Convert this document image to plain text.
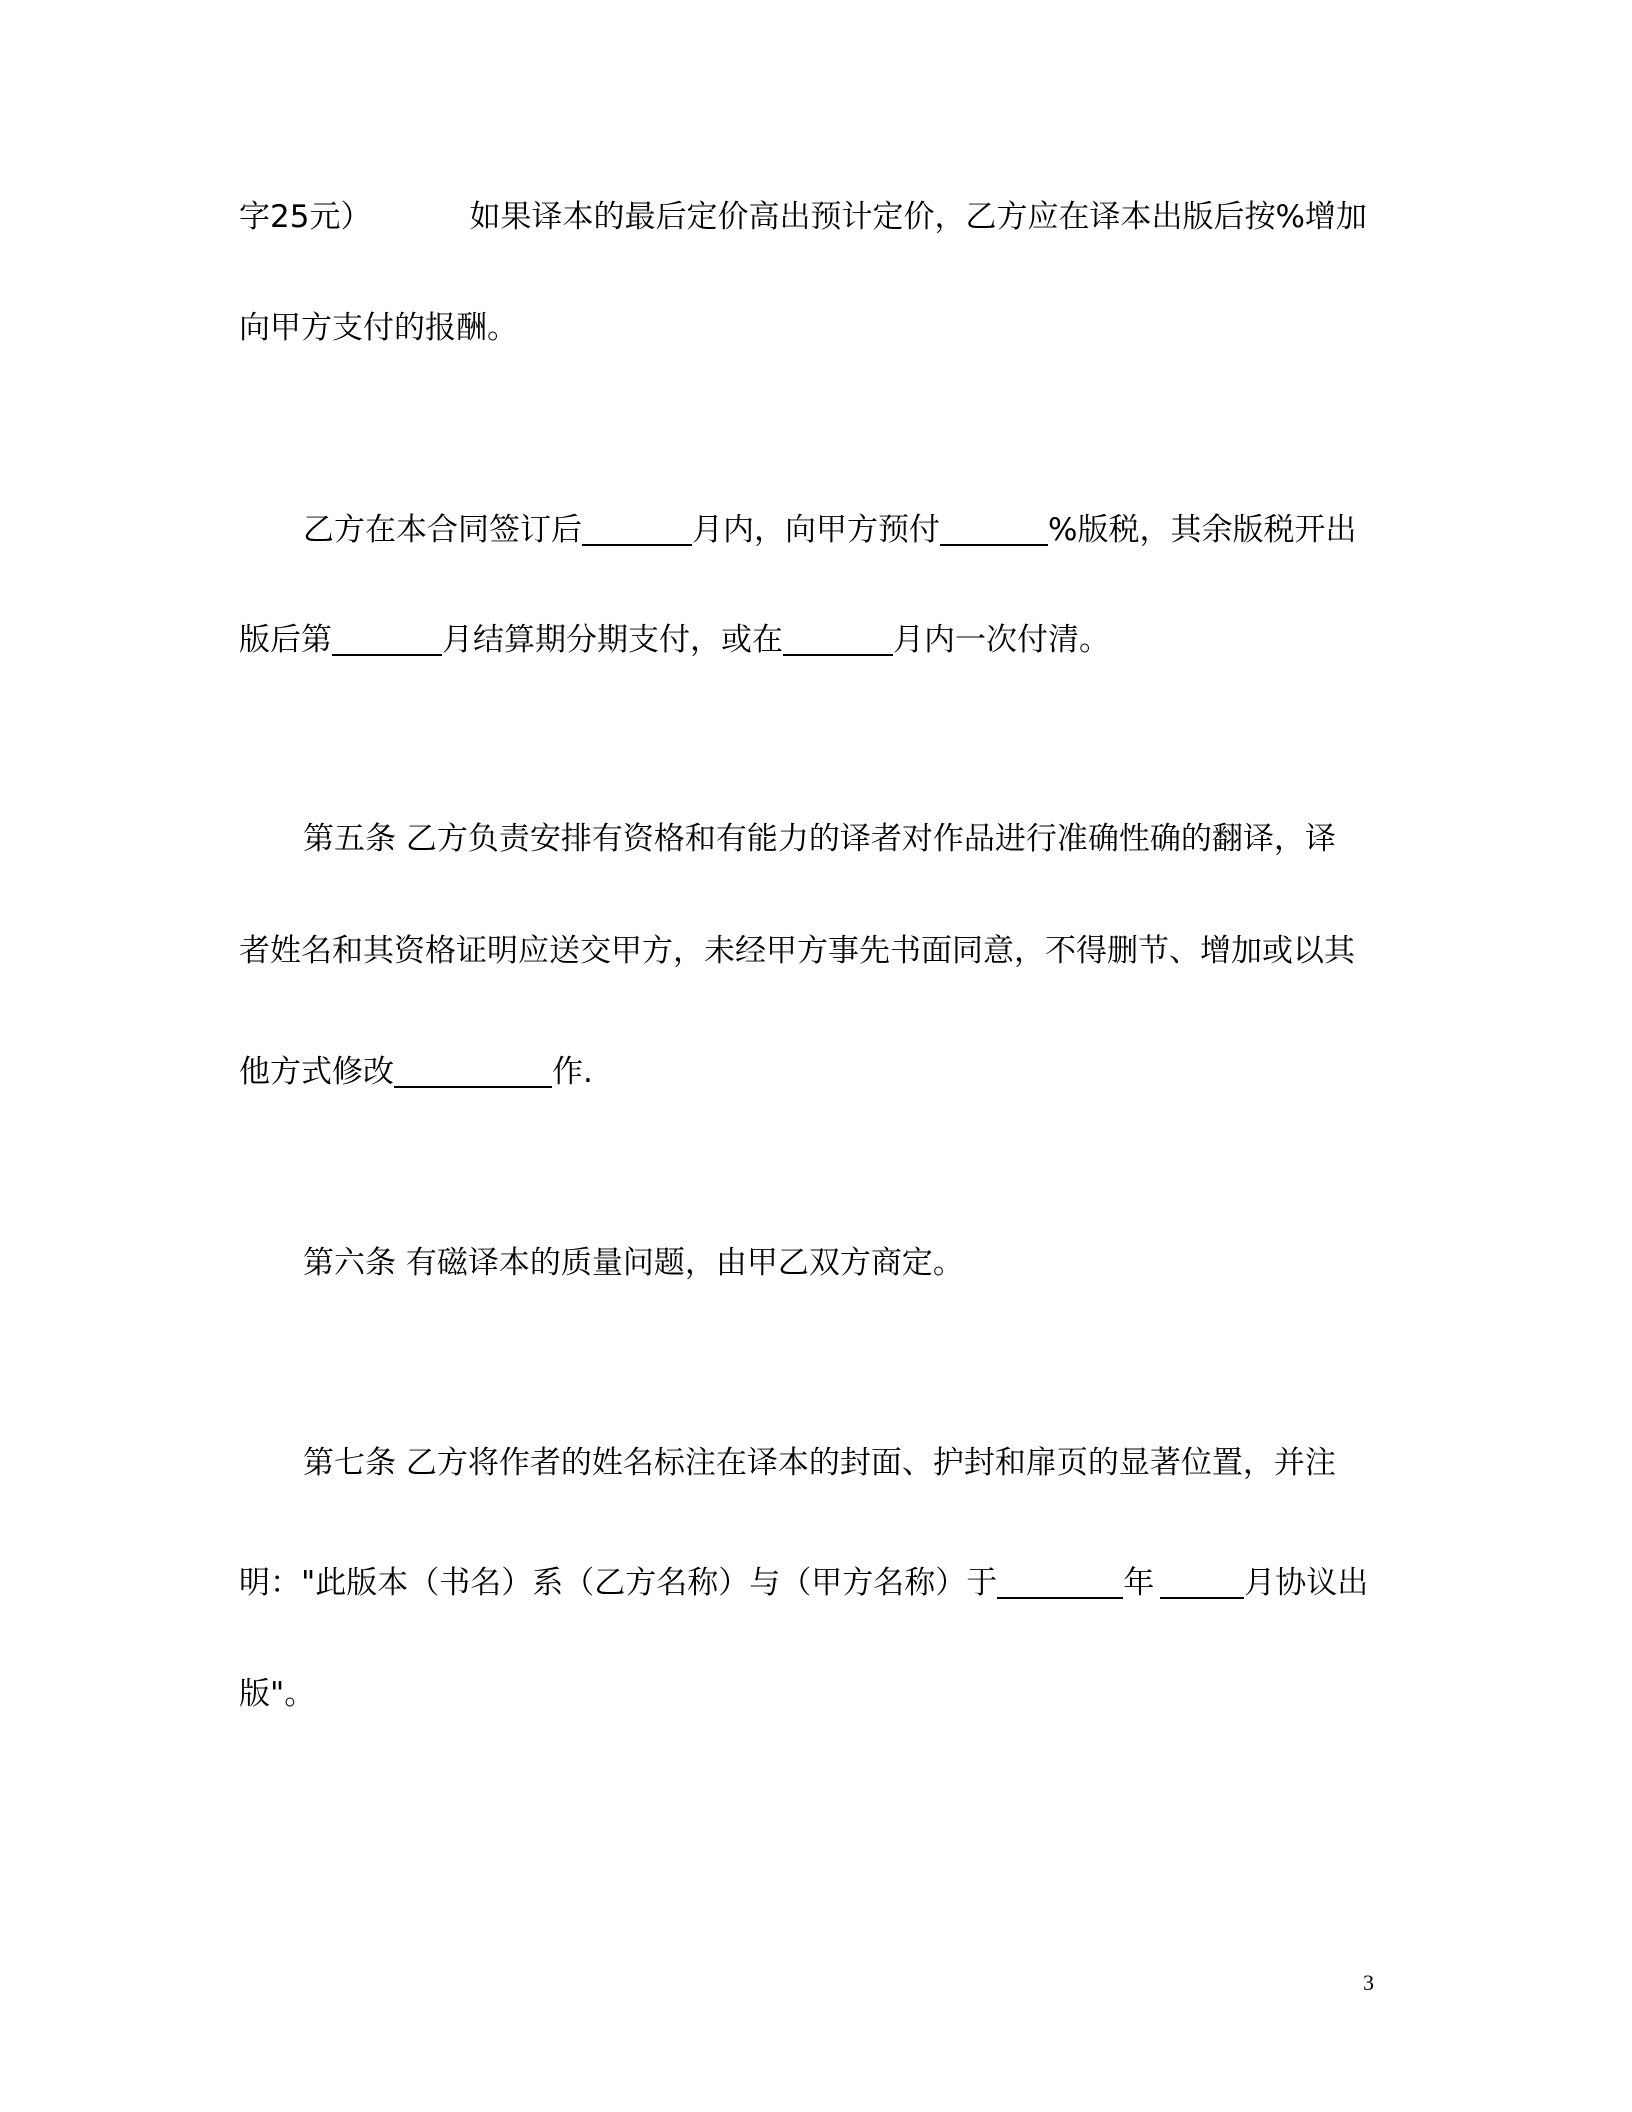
字25元）	如果译本的最后定价高出预计定价，乙方应在译本出版后按%增加
向甲方支付的报酬。
乙方在本合同签订后	月内，向甲方预付	%版税，其余版税开出
版后第	月结算期分期支付，或在	月内一次付清。
第五条 乙方负责安排有资格和有能力的译者对作品进行准确性确的翻译，译
者姓名和其资格证明应送交甲方，未经甲方事先书面同意，不得删节、增加或以其
他方式修改	作.
第六条 有磁译本的质量问题，由甲乙双方商定。
第七条 乙方将作者的姓名标注在译本的封面、护封和扉页的显著位置，并注
明："此版本（书名）系（乙方名称）与（甲方名称）于	年	月协议出
版"。
3
